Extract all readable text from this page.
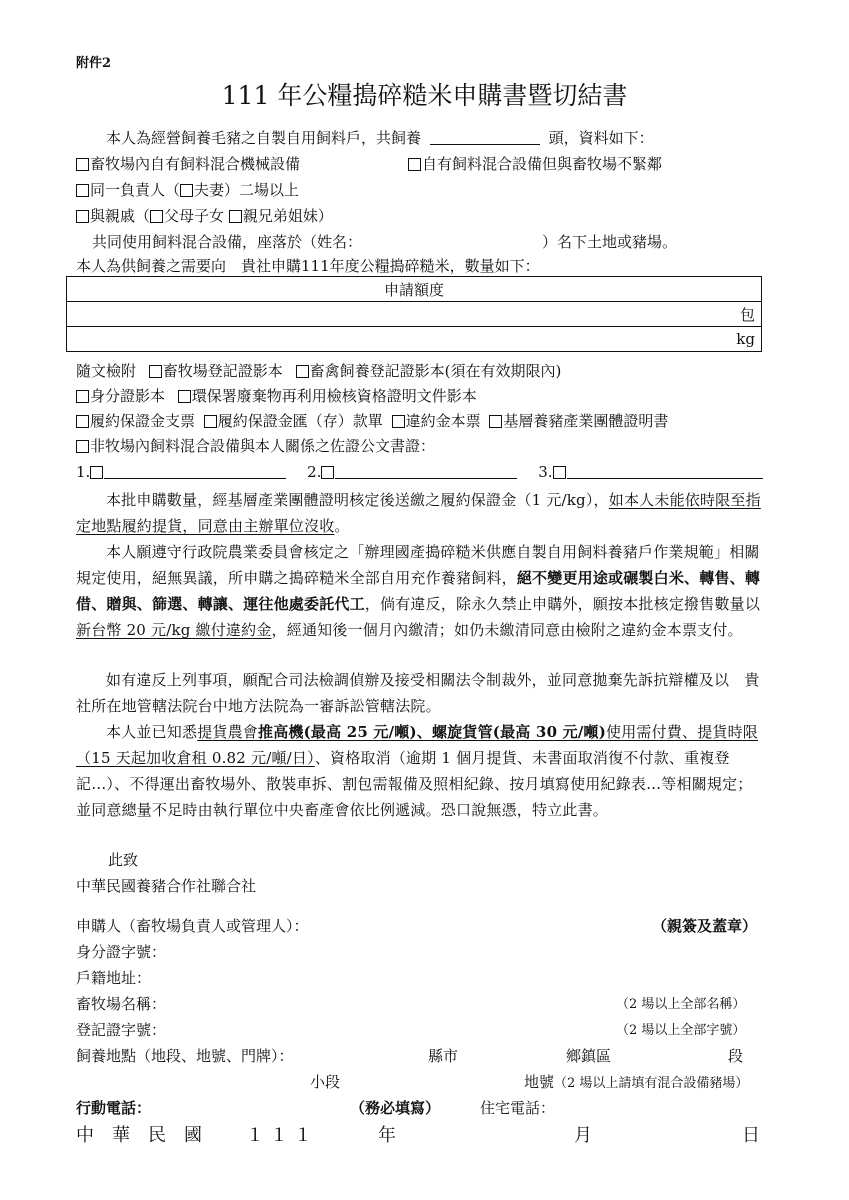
附件2
111 年公糧搗碎糙米申購書暨切結書
本人為經營飼養毛豬之自製自用飼料戶，共飼養	頭，資料如下：
畜牧場內自有飼料混合機械設備	自有飼料混合設備但與畜牧場不緊鄰
同一負責人（ 夫妻）二場以上
與親戚（ 父母子女 親兄弟姐妹）
共同使用飼料混合設備，座落於（姓名：	）名下土地或豬場。
本人為供飼養之需要向　貴社申購111年度公糧搗碎糙米，數量如下：
申請額度
包
kg
隨文檢附 畜牧場登記證影本 畜禽飼養登記證影本(須在有效期限內)
身分證影本 環保署廢棄物再利用檢核資格證明文件影本
履約保證金支票 履約保證金匯（存）款單 違約金本票 基層養豬產業團體證明書
非牧場內飼料混合設備與本人關係之佐證公文書證：
1.	2.	3.

本批申購數量，經基層產業團體證明核定後送繳之履約保證金（1 元/kg），如本人未能依時限至指定地點履約提貨，同意由主辦單位沒收。

本人願遵守行政院農業委員會核定之「辦理國產搗碎糙米供應自製自用飼料養豬戶作業規範」相關規定使用，絕無異議，所申購之搗碎糙米全部自用充作養豬飼料，絕不變更用途或碾製白米、轉售、轉借、贈與、篩選、轉讓、運往他處委託代工，倘有違反，除永久禁止申購外，願按本批核定撥售數量以新台幣 20 元/kg 繳付違約金，經通知後一個月內繳清；如仍未繳清同意由檢附之違約金本票支付。

如有違反上列事項，願配合司法檢調偵辦及接受相關法令制裁外，並同意拋棄先訴抗辯權及以　貴社所在地管轄法院台中地方法院為一審訴訟管轄法院。

本人並已知悉提貨農會推高機(最高 25 元/噸)、螺旋貨管(最高 30 元/噸)使用需付費、提貨時限（15 天起加收倉租 0.82 元/噸/日）、資格取消（逾期 1 個月提貨、未書面取消復不付款、重複登記…）、不得運出畜牧場外、散裝車拆、割包需報備及照相紀錄、按月填寫使用紀錄表…等相關規定；並同意總量不足時由執行單位中央畜產會依比例遞減。恐口說無憑，特立此書。

此致
中華民國養豬合作社聯合社
申購人（畜牧場負責人或管理人）：	（親簽及蓋章）
身分證字號：
戶籍地址：
畜牧場名稱：	（2 場以上全部名稱）
登記證字號：	（2 場以上全部字號）
飼養地點（地段、地號、門牌）：	縣市	鄉鎮區	段
小段	地號（2 場以上請填有混合設備豬場）
行動電話：	（務必填寫）	住宅電話：
中　華　民　國 １１１	年	月	日
